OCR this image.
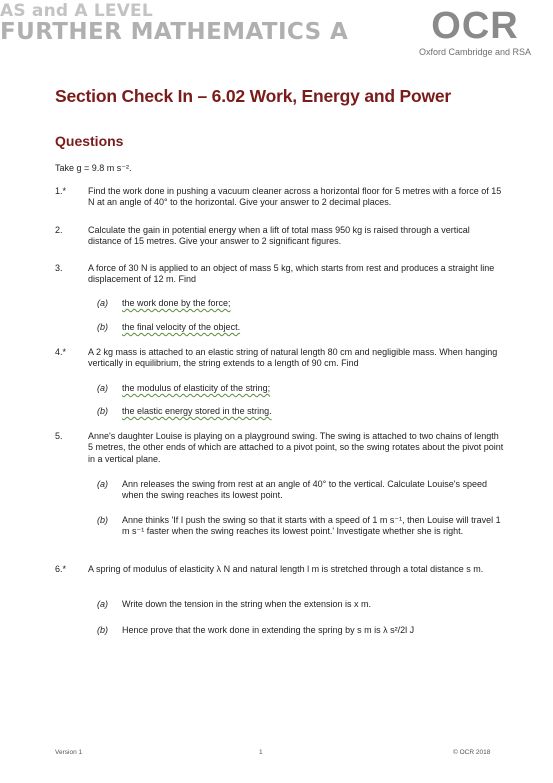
AS and A LEVEL
FURTHER MATHEMATICS A	OCR
Oxford Cambridge and RSA
Section Check In – 6.02 Work, Energy and Power
Questions
Take g = 9.8 m s⁻².
1.* Find the work done in pushing a vacuum cleaner across a horizontal floor for 5 metres with a force of 15 N at an angle of 40° to the horizontal. Give your answer to 2 decimal places.
2.	Calculate the gain in potential energy when a lift of total mass 950 kg is raised through a vertical distance of 15 metres. Give your answer to 2 significant figures.
3.	A force of 30 N is applied to an object of mass 5 kg, which starts from rest and produces a straight line displacement of 12 m. Find
(a) the work done by the force;
(b) the final velocity of the object.
4.* A 2 kg mass is attached to an elastic string of natural length 80 cm and negligible mass. When hanging vertically in equilibrium, the string extends to a length of 90 cm. Find
(a) the modulus of elasticity of the string;
(b) the elastic energy stored in the string.
5.	Anne's daughter Louise is playing on a playground swing. The swing is attached to two chains of length 5 metres, the other ends of which are attached to a pivot point, so the swing rotates about the pivot point in a vertical plane.
(a) Ann releases the swing from rest at an angle of 40° to the vertical. Calculate Louise's speed when the swing reaches its lowest point.
(b) Anne thinks 'If I push the swing so that it starts with a speed of 1 m s⁻¹, then Louise will travel 1 m s⁻¹ faster when the swing reaches its lowest point.' Investigate whether she is right.
6.* A spring of modulus of elasticity λ N and natural length l m is stretched through a total distance s m.
(a) Write down the tension in the string when the extension is x m.
(b) Hence prove that the work done in extending the spring by s m is λ s²/2l J
Version 1	1	© OCR 2018
